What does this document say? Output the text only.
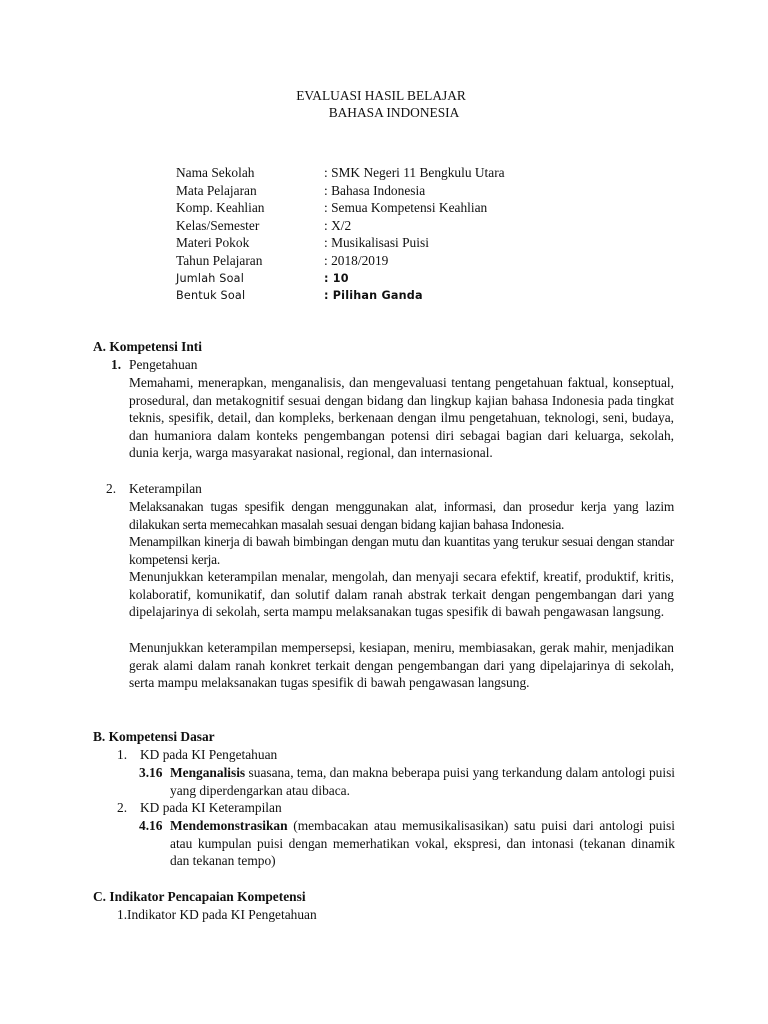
EVALUASI HASIL BELAJAR
BAHASA INDONESIA
Nama Sekolah	: SMK Negeri 11 Bengkulu Utara
Mata Pelajaran	: Bahasa Indonesia
Komp. Keahlian	: Semua Kompetensi Keahlian
Kelas/Semester	: X/2
Materi Pokok	: Musikalisasi Puisi
Tahun Pelajaran	: 2018/2019
Jumlah Soal	: 10
Bentuk Soal	: Pilihan Ganda
A. Kompetensi Inti
1. Pengetahuan
Memahami, menerapkan, menganalisis, dan mengevaluasi tentang pengetahuan faktual, konseptual, prosedural, dan metakognitif sesuai dengan bidang dan lingkup kajian bahasa Indonesia pada tingkat teknis, spesifik, detail, dan kompleks, berkenaan dengan ilmu pengetahuan, teknologi, seni, budaya, dan humaniora dalam konteks pengembangan potensi diri sebagai bagian dari keluarga, sekolah, dunia kerja, warga masyarakat nasional, regional, dan internasional.
2. Keterampilan
Melaksanakan tugas spesifik dengan menggunakan alat, informasi, dan prosedur kerja yang lazim dilakukan serta memecahkan masalah sesuai dengan bidang kajian bahasa Indonesia.
Menampilkan kinerja di bawah bimbingan dengan mutu dan kuantitas yang terukur sesuai dengan standar kompetensi kerja.
Menunjukkan keterampilan menalar, mengolah, dan menyaji secara efektif, kreatif, produktif, kritis, kolaboratif, komunikatif, dan solutif dalam ranah abstrak terkait dengan pengembangan dari yang dipelajarinya di sekolah, serta mampu melaksanakan tugas spesifik di bawah pengawasan langsung.
Menunjukkan keterampilan mempersepsi, kesiapan, meniru, membiasakan, gerak mahir, menjadikan gerak alami dalam ranah konkret terkait dengan pengembangan dari yang dipelajarinya di sekolah, serta mampu melaksanakan tugas spesifik di bawah pengawasan langsung.
B. Kompetensi Dasar
1. KD pada KI Pengetahuan
3.16 Menganalisis suasana, tema, dan makna beberapa puisi yang terkandung dalam antologi puisi yang diperdengarkan atau dibaca.
2. KD pada KI Keterampilan
4.16 Mendemonstrasikan (membacakan atau memusikalisasikan) satu puisi dari antologi puisi atau kumpulan puisi dengan memerhatikan vokal, ekspresi, dan intonasi (tekanan dinamik dan tekanan tempo)
C. Indikator Pencapaian Kompetensi
1.Indikator KD pada KI Pengetahuan
